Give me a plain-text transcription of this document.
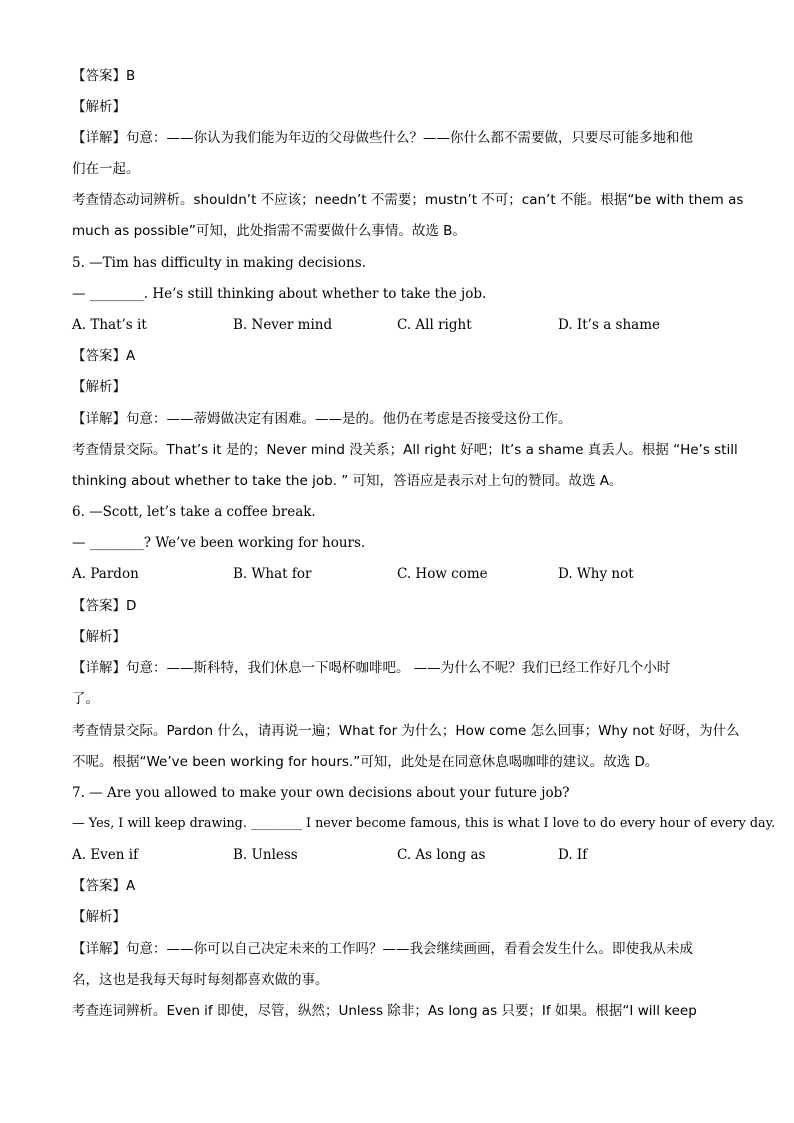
【答案】B
【解析】
【详解】句意：——你认为我们能为年迈的父母做些什么？——你什么都不需要做，只要尽可能多地和他
们在一起。
考查情态动词辨析。shouldn’t 不应该；needn’t 不需要；mustn’t 不可；can’t 不能。根据“be with them as
much as possible”可知，此处指需不需要做什么事情。故选 B。
5. —Tim has difficulty in making decisions.
— ________. He’s still thinking about whether to take the job.
A. That’s it	B. Never mind	C. All right	D. It’s a shame
【答案】A
【解析】
【详解】句意：——蒂姆做决定有困难。——是的。他仍在考虑是否接受这份工作。
考查情景交际。That’s it 是的；Never mind 没关系；All right 好吧；It’s a shame 真丢人。根据 “He’s still
thinking about whether to take the job. ” 可知，答语应是表示对上句的赞同。故选 A。
6. —Scott, let’s take a coffee break.
— ________? We’ve been working for hours.
A. Pardon	B. What for	C. How come	D. Why not
【答案】D
【解析】
【详解】句意：——斯科特，我们休息一下喝杯咖啡吧。 ——为什么不呢？我们已经工作好几个小时
了。
考查情景交际。Pardon 什么，请再说一遍；What for 为什么；How come 怎么回事；Why not 好呀，为什么
不呢。根据“We’ve been working for hours.”可知，此处是在同意休息喝咖啡的建议。故选 D。
7. — Are you allowed to make your own decisions about your future job?
— Yes, I will keep drawing. ________ I never become famous, this is what I love to do every hour of every day.
A. Even if	B. Unless	C. As long as	D. If
【答案】A
【解析】
【详解】句意：——你可以自己决定未来的工作吗？——我会继续画画，看看会发生什么。即使我从未成
名，这也是我每天每时每刻都喜欢做的事。
考查连词辨析。Even if 即使，尽管，纵然；Unless 除非；As long as 只要；If 如果。根据“I will keep
